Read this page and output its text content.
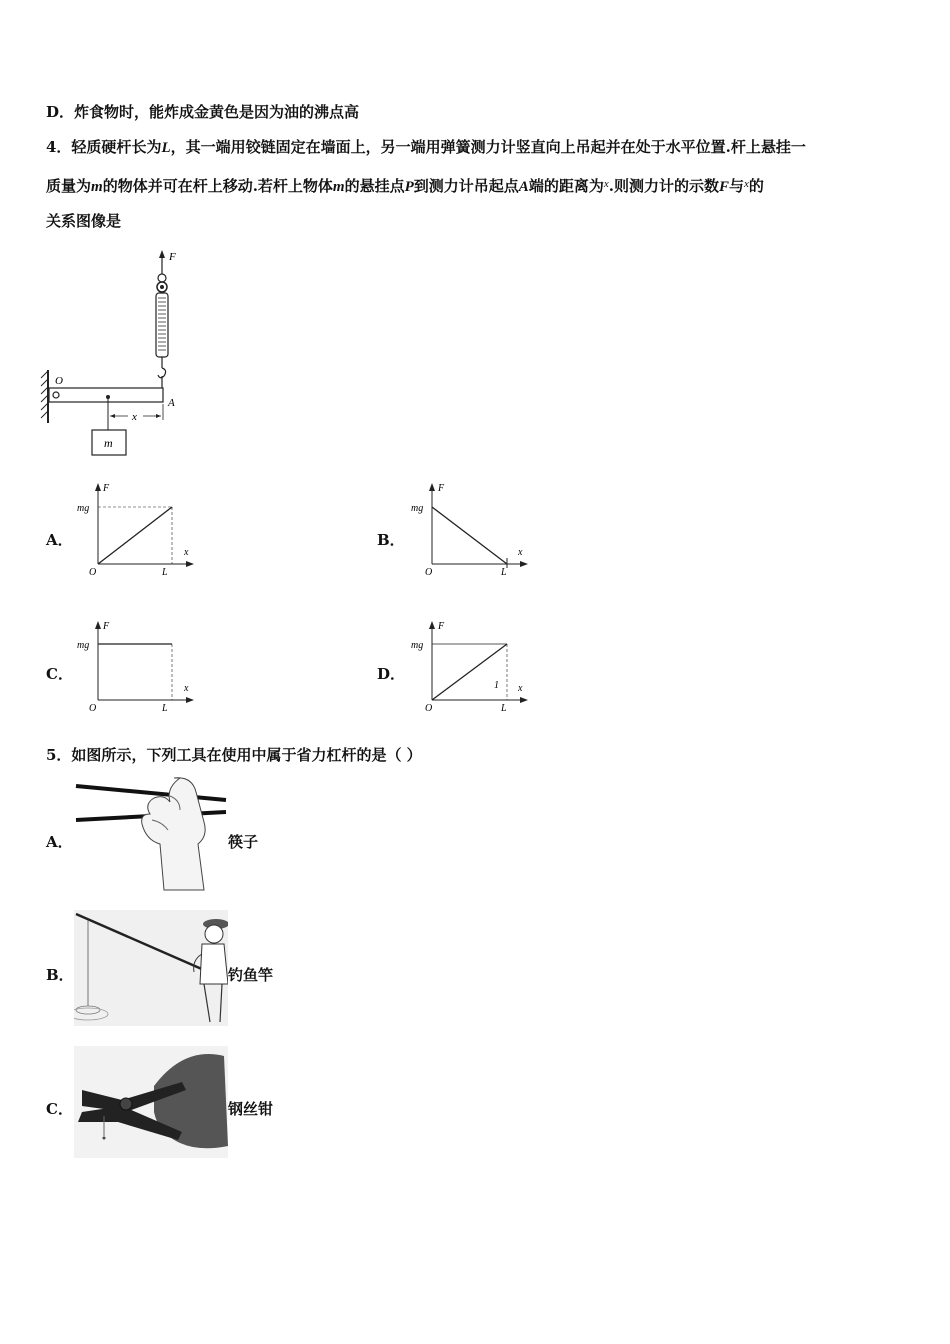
D．炸食物时，能炸成金黄色是因为油的沸点高
4．轻质硬杆长为L，其一端用铰链固定在墙面上，另一端用弹簧测力计竖直向上吊起并在处于水平位置.杆上悬挂一
质量为m的物体并可在杆上移动.若杆上物体m的悬挂点P到测力计吊起点A端的距离为$^x$.则测力计的示数F与$^x$的
关系图像是
F
O
A
x
m
A．
F
x
mg
O	L
B．
F
x
mg
O	L
C．
F
x
mg
O	L
D．
F
x
mg
O	L
1
5．如图所示，下列工具在使用中属于省力杠杆的是（ ）
A．	筷子
B．	钓鱼竿
C．	钢丝钳
